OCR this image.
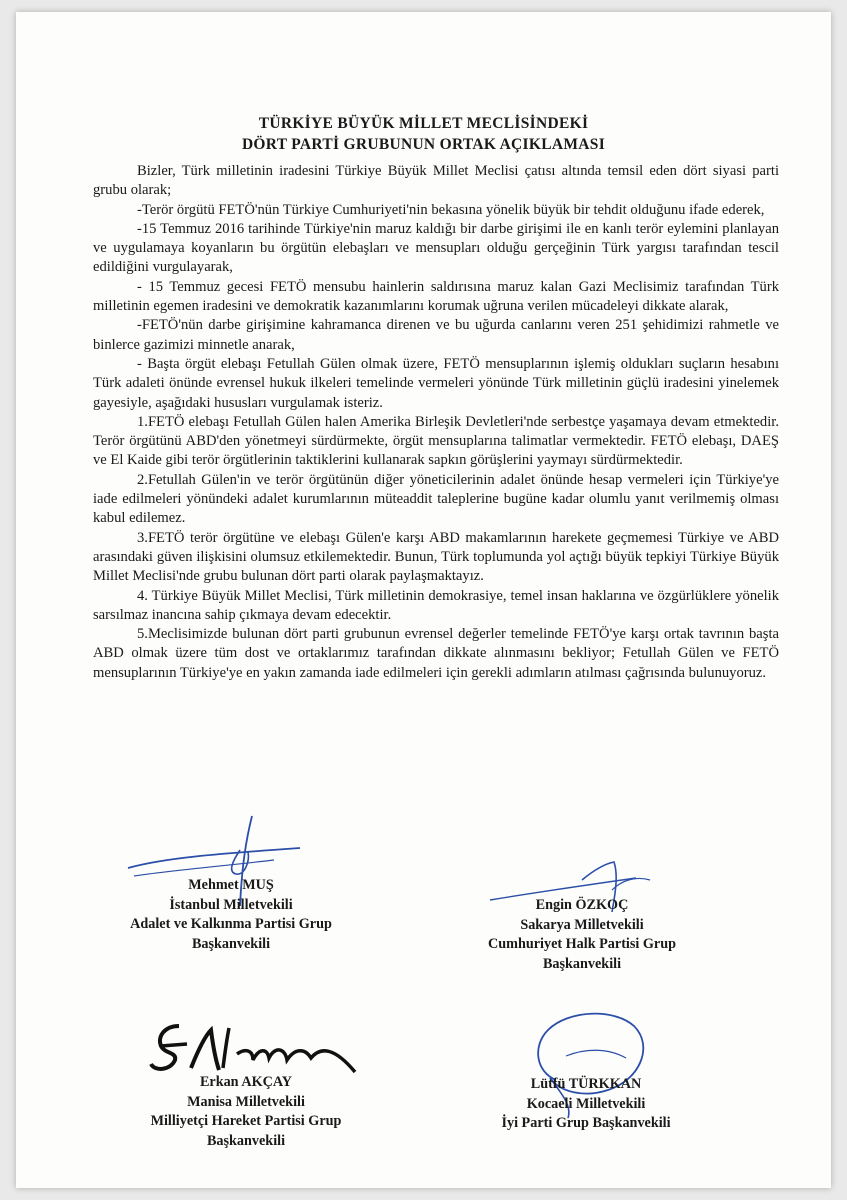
TÜRKİYE BÜYÜK MİLLET MECLİSİNDEKİ
DÖRT PARTİ GRUBUNUN ORTAK AÇIKLAMASI

Bizler, Türk milletinin iradesini Türkiye Büyük Millet Meclisi çatısı altında temsil eden dört siyasi parti grubu olarak;

-Terör örgütü FETÖ'nün Türkiye Cumhuriyeti'nin bekasına yönelik büyük bir tehdit olduğunu ifade ederek,

-15 Temmuz 2016 tarihinde Türkiye'nin maruz kaldığı bir darbe girişimi ile en kanlı terör eylemini planlayan ve uygulamaya koyanların bu örgütün elebaşları ve mensupları olduğu gerçeğinin Türk yargısı tarafından tescil edildiğini vurgulayarak,

- 15 Temmuz gecesi FETÖ mensubu hainlerin saldırısına maruz kalan Gazi Meclisimiz tarafından Türk milletinin egemen iradesini ve demokratik kazanımlarını korumak uğruna verilen mücadeleyi dikkate alarak,

-FETÖ'nün darbe girişimine kahramanca direnen ve bu uğurda canlarını veren 251 şehidimizi rahmetle ve binlerce gazimizi minnetle anarak,

- Başta örgüt elebaşı Fetullah Gülen olmak üzere, FETÖ mensuplarının işlemiş oldukları suçların hesabını Türk adaleti önünde evrensel hukuk ilkeleri temelinde vermeleri yönünde Türk milletinin güçlü iradesini yinelemek gayesiyle, aşağıdaki hususları vurgulamak isteriz.

1.FETÖ elebaşı Fetullah Gülen halen Amerika Birleşik Devletleri'nde serbestçe yaşamaya devam etmektedir. Terör örgütünü ABD'den yönetmeyi sürdürmekte, örgüt mensuplarına talimatlar vermektedir. FETÖ elebaşı, DAEŞ ve El Kaide gibi terör örgütlerinin taktiklerini kullanarak sapkın görüşlerini yaymayı sürdürmektedir.

2.Fetullah Gülen'in ve terör örgütünün diğer yöneticilerinin adalet önünde hesap vermeleri için Türkiye'ye iade edilmeleri yönündeki adalet kurumlarının müteaddit taleplerine bugüne kadar olumlu yanıt verilmemiş olması kabul edilemez.

3.FETÖ terör örgütüne ve elebaşı Gülen'e karşı ABD makamlarının harekete geçmemesi Türkiye ve ABD arasındaki güven ilişkisini olumsuz etkilemektedir. Bunun, Türk toplumunda yol açtığı büyük tepkiyi Türkiye Büyük Millet Meclisi'nde grubu bulunan dört parti olarak paylaşmaktayız.

4. Türkiye Büyük Millet Meclisi, Türk milletinin demokrasiye, temel insan haklarına ve özgürlüklere yönelik sarsılmaz inancına sahip çıkmaya devam edecektir.

5.Meclisimizde bulunan dört parti grubunun evrensel değerler temelinde FETÖ'ye karşı ortak tavrının başta ABD olmak üzere tüm dost ve ortaklarımız tarafından dikkate alınmasını bekliyor; Fetullah Gülen ve FETÖ mensuplarının Türkiye'ye en yakın zamanda iade edilmeleri için gerekli adımların atılması çağrısında bulunuyoruz.

Mehmet MUŞ
İstanbul Milletvekili
Adalet ve Kalkınma Partisi Grup
Başkanvekili
Engin ÖZKOÇ
Sakarya Milletvekili
Cumhuriyet Halk Partisi Grup
Başkanvekili
Erkan AKÇAY
Manisa Milletvekili
Milliyetçi Hareket Partisi Grup
Başkanvekili
Lütfü TÜRKKAN
Kocaeli Milletvekili
İyi Parti Grup Başkanvekili
